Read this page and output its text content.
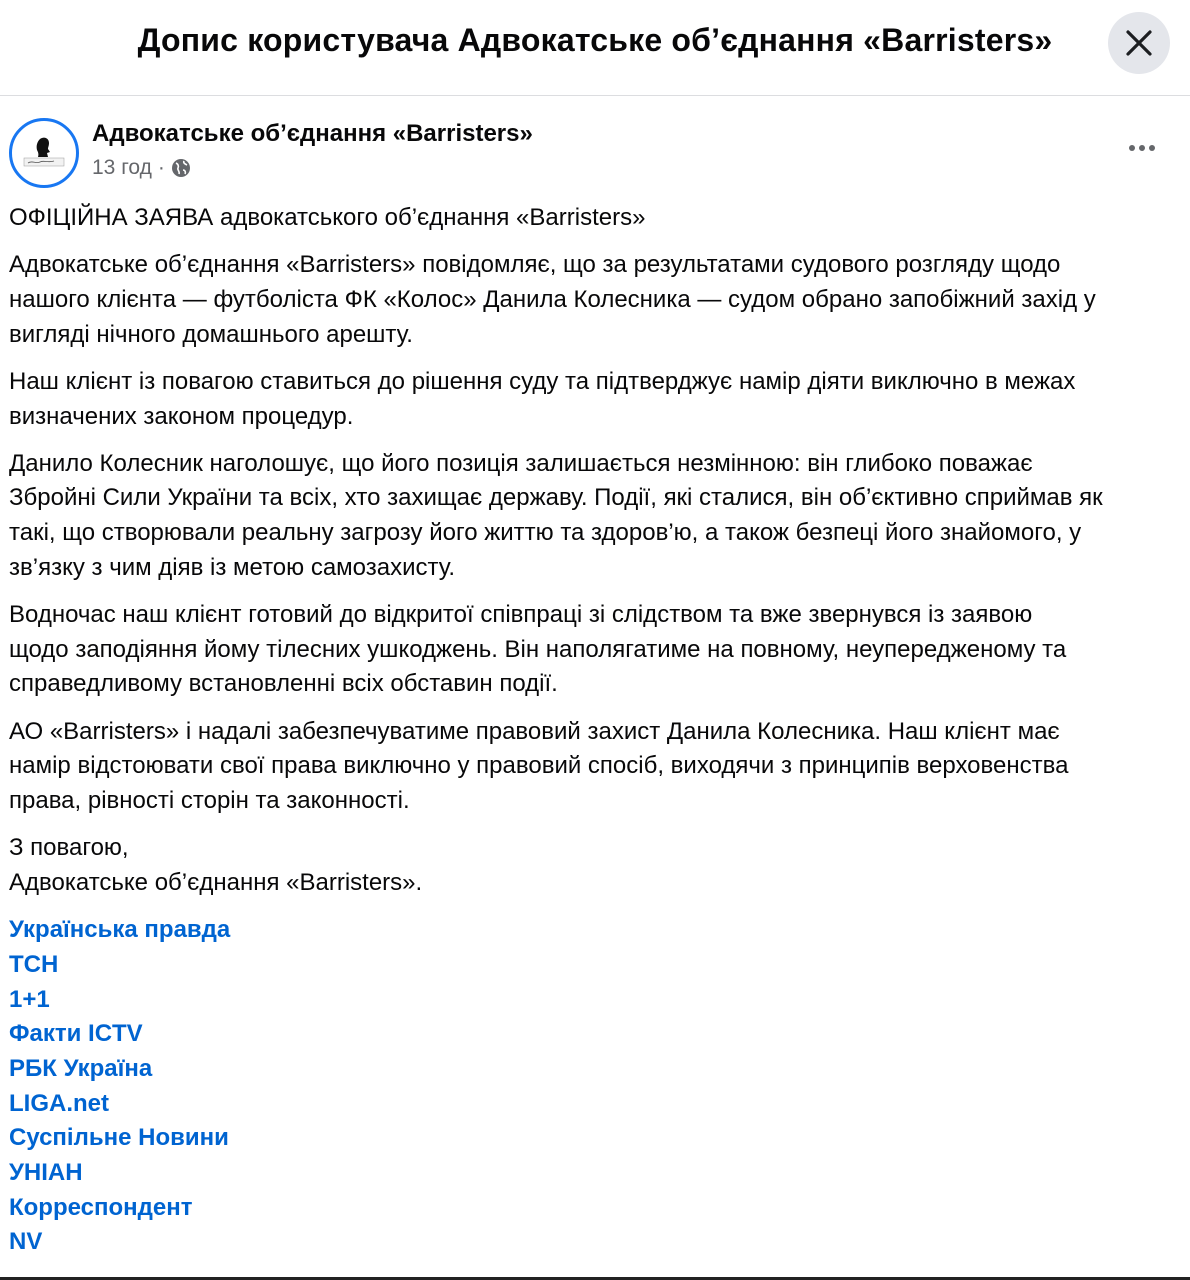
Допис користувача Адвокатське об’єднання «Barristers»
Адвокатське об’єднання «Barristers»
13 год ·
ОФІЦІЙНА ЗАЯВА адвокатського об’єднання «Barristers»
Адвокатське об’єднання «Barristers» повідомляє, що за результатами судового розгляду щодо
нашого клієнта — футболіста ФК «Колос» Данила Колесника — судом обрано запобіжний захід у
вигляді нічного домашнього арешту.
Наш клієнт із повагою ставиться до рішення суду та підтверджує намір діяти виключно в межах
визначених законом процедур.
Данило Колесник наголошує, що його позиція залишається незмінною: він глибоко поважає
Збройні Сили України та всіх, хто захищає державу. Події, які сталися, він об’єктивно сприймав як
такі, що створювали реальну загрозу його життю та здоров’ю, а також безпеці його знайомого, у
зв’язку з чим діяв із метою самозахисту.
Водночас наш клієнт готовий до відкритої співпраці зі слідством та вже звернувся із заявою
щодо заподіяння йому тілесних ушкоджень. Він наполягатиме на повному, неупередженому та
справедливому встановленні всіх обставин події.
АО «Barristers» і надалі забезпечуватиме правовий захист Данила Колесника. Наш клієнт має
намір відстоювати свої права виключно у правовий спосіб, виходячи з принципів верховенства
права, рівності сторін та законності.
З повагою,
Адвокатське об’єднання «Barristers».
Українська правда
ТСН
1+1
Факти ICTV
РБК Україна
LIGA.net
Суспільне Новини
УНІАН
Корреспондент
NV
